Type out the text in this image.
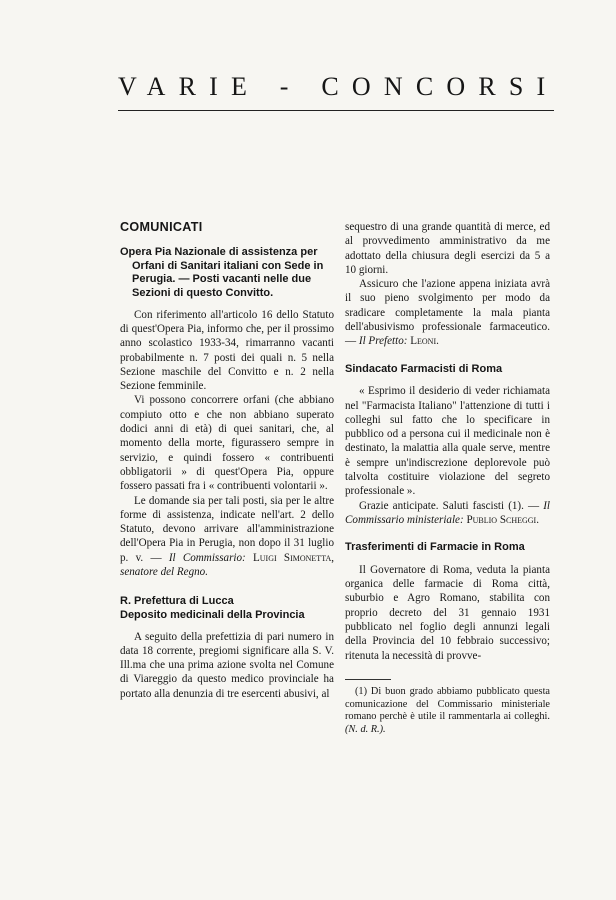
VARIE - CONCORSI
COMUNICATI
Opera Pia Nazionale di assistenza per Orfani di Sanitari italiani con Sede in Perugia. — Posti vacanti nelle due Sezioni di questo Convitto.

Con riferimento all'articolo 16 dello Statuto di quest'Opera Pia, informo che, per il prossimo anno scolastico 1933-34, rimarranno vacanti probabilmente n. 7 posti dei quali n. 5 nella Sezione maschile del Convitto e n. 2 nella Sezione femminile.

Vi possono concorrere orfani (che abbiano compiuto otto e che non abbiano superato dodici anni di età) di quei sanitari, che, al momento della morte, figurassero sempre in servizio, e quindi fossero « contribuenti obbligatorii » di quest'Opera Pia, oppure fossero passati fra i « contribuenti volontarii ».

Le domande sia per tali posti, sia per le altre forme di assistenza, indicate nell'art. 2 dello Statuto, devono arrivare all'amministrazione dell'Opera Pia in Perugia, non dopo il 31 luglio p. v. — Il Commissario: Luigi Simonetta, senatore del Regno.

R. Prefettura di Lucca
Deposito medicinali della Provincia

A seguito della prefettizia di pari numero in data 18 corrente, pregiomi significare alla S. V. Ill.ma che una prima azione svolta nel Comune di Viareggio da questo medico provinciale ha portato alla denunzia di tre esercenti abusivi, al

sequestro di una grande quantità di merce, ed al provvedimento amministrativo da me adottato della chiusura degli esercizi da 5 a 10 giorni.

Assicuro che l'azione appena iniziata avrà il suo pieno svolgimento per modo da sradicare completamente la mala pianta dell'abusivismo professionale farmaceutico. — Il Prefetto: Leoni.

Sindacato Farmacisti di Roma

« Esprimo il desiderio di veder richiamata nel "Farmacista Italiano" l'attenzione di tutti i colleghi sul fatto che lo specificare in pubblico od a persona cui il medicinale non è destinato, la malattia alla quale serve, mentre è sempre un'indiscrezione deplorevole può talvolta costituire violazione del segreto professionale ».

Grazie anticipate. Saluti fascisti (1). — Il Commissario ministeriale: Publio Scheggi.

Trasferimenti di Farmacie in Roma

Il Governatore di Roma, veduta la pianta organica delle farmacie di Roma città, suburbio e Agro Romano, stabilita con proprio decreto del 31 gennaio 1931 pubblicato nel foglio degli annunzi legali della Provincia del 10 febbraio successivo; ritenuta la necessità di provve-

(1) Di buon grado abbiamo pubblicato questa comunicazione del Commissario ministeriale romano perchè è utile il rammentarla ai colleghi. (N. d. R.).
